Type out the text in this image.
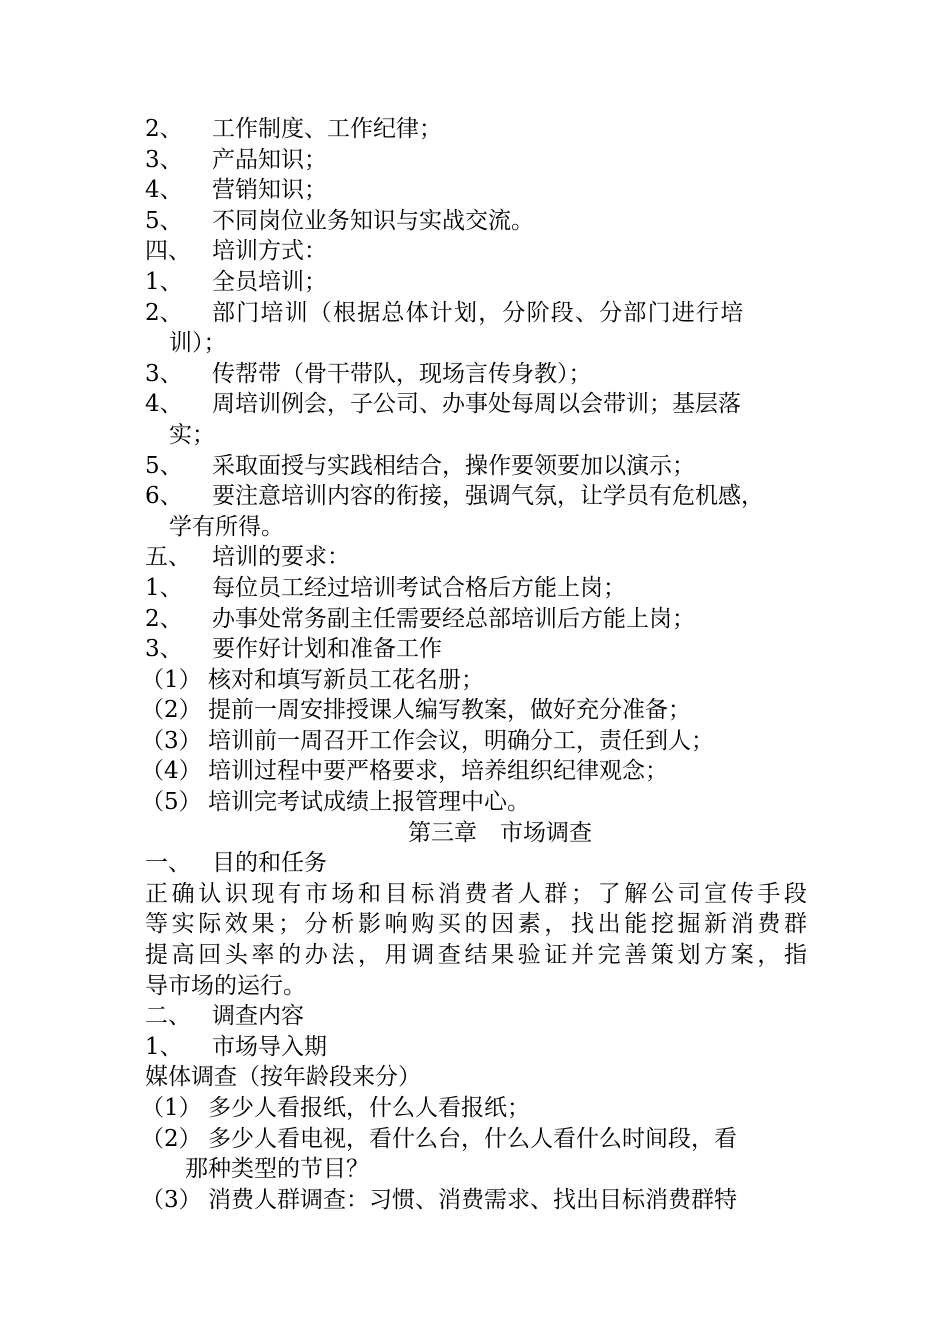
2、 工作制度、工作纪律；
3、 产品知识；
4、 营销知识；
5、 不同岗位业务知识与实战交流。
四、 培训方式：
1、 全员培训；
2、 部门培训（根据总体计划，分阶段、分部门进行培
训）；
3、 传帮带（骨干带队，现场言传身教）；
4、 周培训例会，子公司、办事处每周以会带训；基层落
实；
5、 采取面授与实践相结合，操作要领要加以演示；
6、 要注意培训内容的衔接，强调气氛，让学员有危机感，
学有所得。
五、 培训的要求：
1、 每位员工经过培训考试合格后方能上岗；
2、 办事处常务副主任需要经总部培训后方能上岗；
3、 要作好计划和准备工作
（1） 核对和填写新员工花名册；
（2） 提前一周安排授课人编写教案，做好充分准备；
（3） 培训前一周召开工作会议，明确分工，责任到人；
（4） 培训过程中要严格要求，培养组织纪律观念；
（5） 培训完考试成绩上报管理中心。
第三章　市场调查
一、 目的和任务
正确认识现有市场和目标消费者人群；了解公司宣传手段
等实际效果；分析影响购买的因素，找出能挖掘新消费群
提高回头率的办法，用调查结果验证并完善策划方案，指
导市场的运行。
二、 调查内容
1、 市场导入期
媒体调查（按年龄段来分）
（1） 多少人看报纸，什么人看报纸；
（2） 多少人看电视，看什么台，什么人看什么时间段，看
那种类型的节目？
（3） 消费人群调查：习惯、消费需求、找出目标消费群特
